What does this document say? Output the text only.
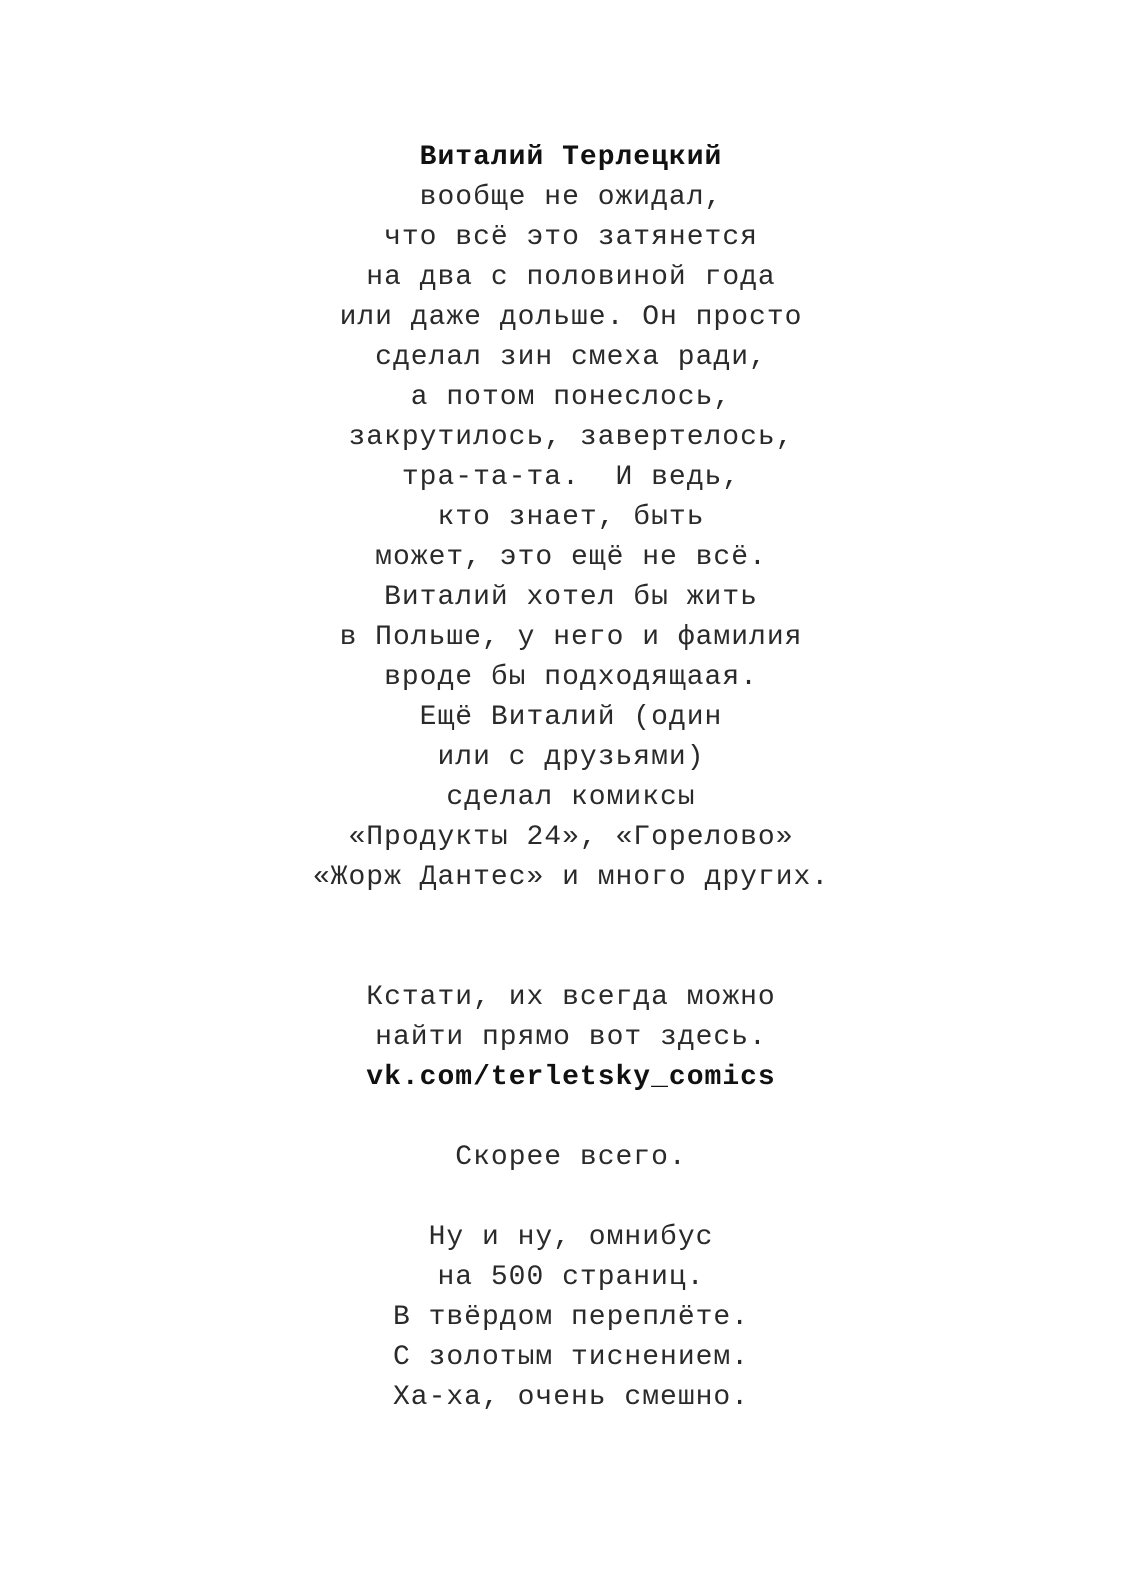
Виталий Терлецкий
вообще не ожидал,
что всё это затянется
на два с половиной года
или даже дольше. Он просто
сделал зин смеха ради,
а потом понеслось,
закрутилось, завертелось,
тра-та-та.  И ведь,
кто знает, быть
может, это ещё не всё.
Виталий хотел бы жить
в Польше, у него и фамилия
вроде бы подходящаая.
Ещё Виталий (один
или с друзьями)
сделал комиксы
«Продукты 24», «Горелово»
«Жорж Дантес» и много других.
Кстати, их всегда можно
найти прямо вот здесь.
vk.com/terletsky_comics
Скорее всего.
Ну и ну, омнибус
на 500 страниц.
В твёрдом переплёте.
С золотым тиснением.
Ха-ха, очень смешно.
